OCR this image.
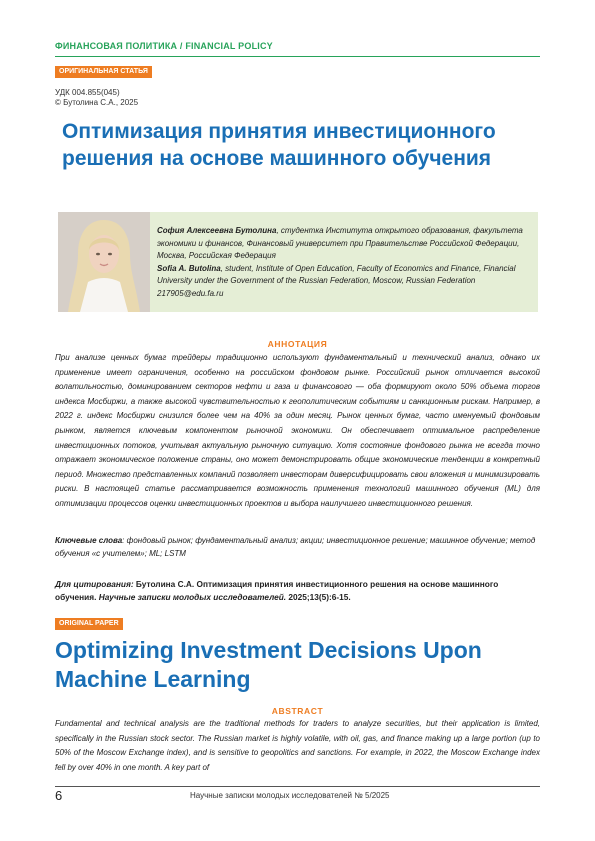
ФИНАНСОВАЯ ПОЛИТИКА / FINANCIAL POLICY
ОРИГИНАЛЬНАЯ СТАТЬЯ
УДК 004.855(045)
© Бутолина С.А., 2025
Оптимизация принятия инвестиционного
решения на основе машинного обучения
София Алексеевна Бутолина, студентка Института открытого образования, факультета экономики и финансов, Финансовый университет при Правительстве Российской Федерации, Москва, Российская Федерация
Sofia A. Butolina, student, Institute of Open Education, Faculty of Economics and Finance, Financial University under the Government of the Russian Federation, Moscow, Russian Federation
217905@edu.fa.ru
АННОТАЦИЯ
При анализе ценных бумаг трейдеры традиционно используют фундаментальный и технический анализ, однако их применение имеет ограничения, особенно на российском фондовом рынке. Российский рынок отличается высокой волатильностью, доминированием секторов нефти и газа и финансового — оба формируют около 50% объема торгов индекса Мосбиржи, а также высокой чувствительностью к геополитическим событиям и санкционным рискам. Например, в 2022 г. индекс Мосбиржи снизился более чем на 40% за один месяц. Рынок ценных бумаг, часто именуемый фондовым рынком, является ключевым компонентом рыночной экономики. Он обеспечивает оптимальное распределение инвестиционных потоков, учитывая актуальную рыночную ситуацию. Хотя состояние фондового рынка не всегда точно отражает экономическое положение страны, оно может демонстрировать общие экономические тенденции в конкретный период. Множество представленных компаний позволяет инвесторам диверсифицировать свои вложения и минимизировать риски. В настоящей статье рассматривается возможность применения технологий машинного обучения (ML) для оптимизации процессов оценки инвестиционных проектов и выбора наилучшего инвестиционного решения.
Ключевые слова: фондовый рынок; фундаментальный анализ; акции; инвестиционное решение; машинное обучение; метод обучения «с учителем»; ML; LSTM
Для цитирования: Бутолина С.А. Оптимизация принятия инвестиционного решения на основе машинного обучения. Научные записки молодых исследователей. 2025;13(5):6-15.
ORIGINAL PAPER
Optimizing Investment Decisions Upon
Machine Learning
ABSTRACT
Fundamental and technical analysis are the traditional methods for traders to analyze securities, but their application is limited, specifically in the Russian stock sector. The Russian market is highly volatile, with oil, gas, and finance making up a large portion (up to 50% of the Moscow Exchange index), and is sensitive to geopolitics and sanctions. For example, in 2022, the Moscow Exchange index fell by over 40% in one month. A key part of
6	Научные записки молодых исследователей № 5/2025
